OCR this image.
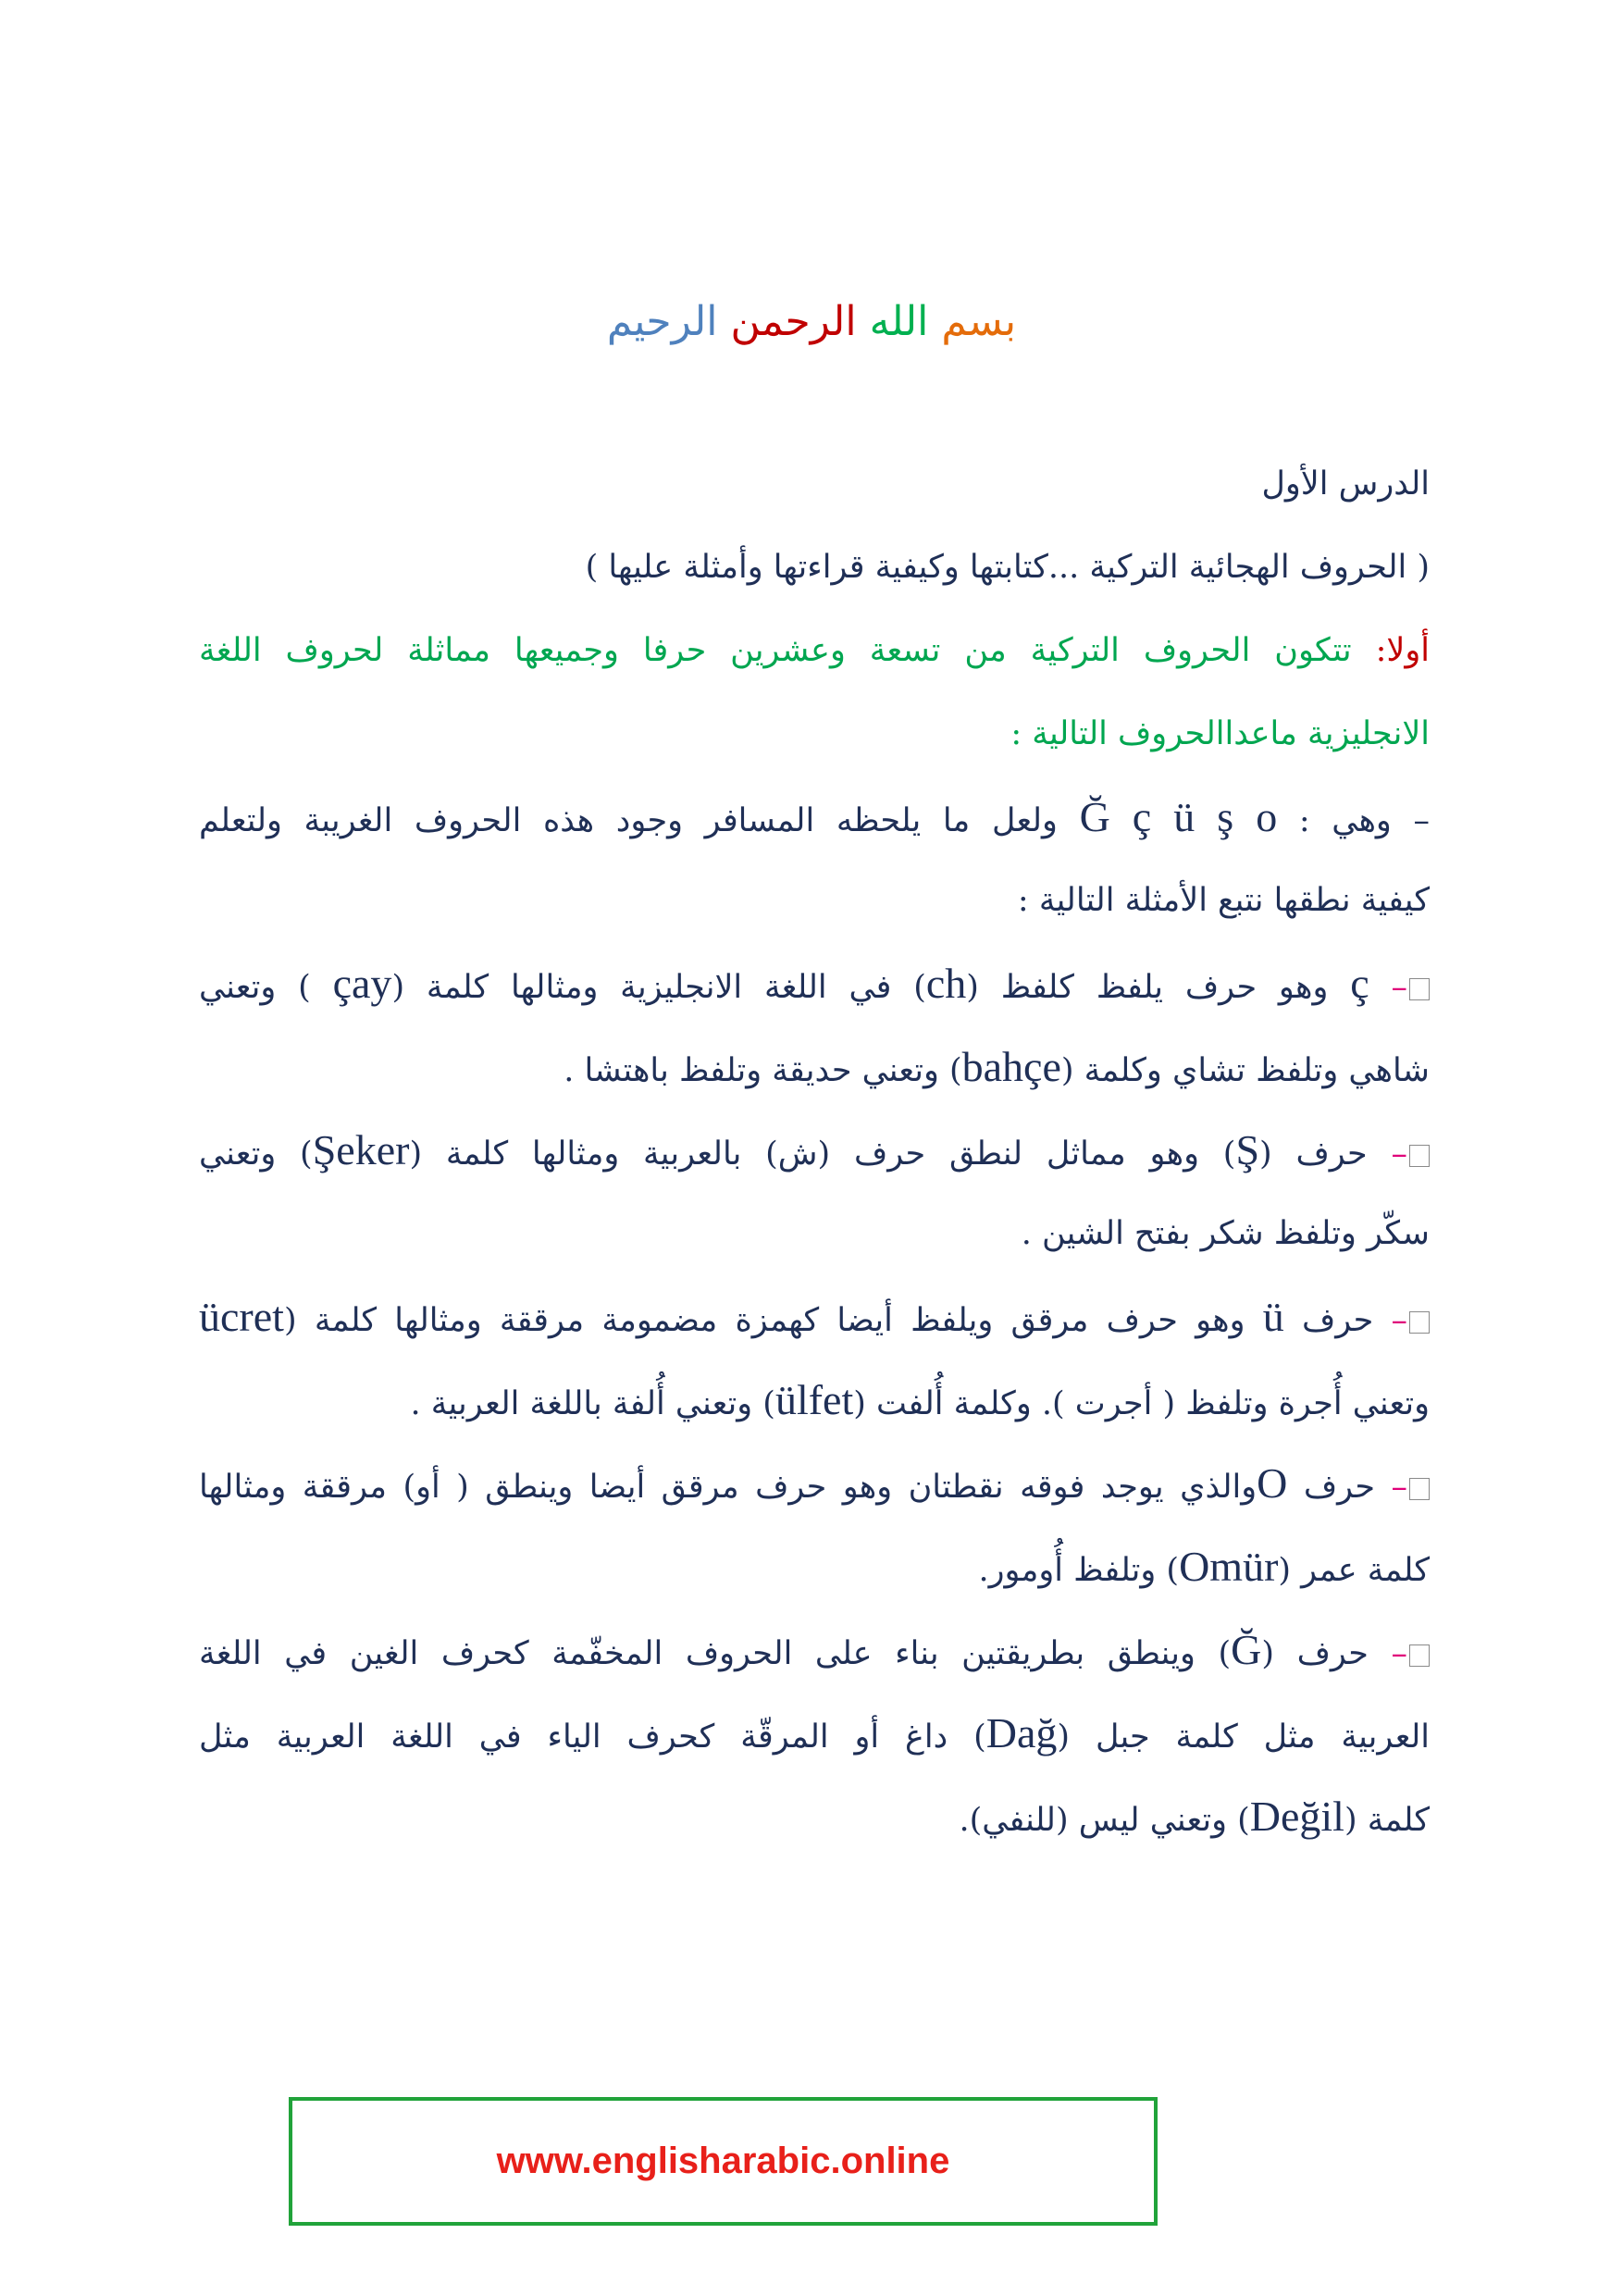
بسم الله الرحمن الرحيم
الدرس الأول
( الحروف الهجائية التركية ...كتابتها وكيفية قراءتها وأمثلة عليها )
أولا: تتكون الحروف التركية من تسعة وعشرين حرفا وجميعها مماثلة لحروف اللغة
الانجليزية ماعداالحروف التالية :
– وهي : Ğ ç ü ş o ولعل ما يلحظه المسافر وجود هذه الحروف الغريبة ولتعلم
كيفية نطقها نتبع الأمثلة التالية :
– ç وهو حرف يلفظ كلفظ (ch) في اللغة الانجليزية ومثالها كلمة (çay ) وتعني
شاهي وتلفظ تشاي وكلمة (bahçe) وتعني حديقة وتلفظ باهتشا .
– حرف (Ş) وهو مماثل لنطق حرف (ش) بالعربية ومثالها كلمة (Şeker) وتعني
سكّر وتلفظ شكر بفتح الشين .
– حرف ü وهو حرف مرقق ويلفظ أيضا كهمزة مضمومة مرققة ومثالها كلمة (ücret
وتعني أُجرة وتلفظ ( أجرت ). وكلمة أُلفت (ülfet) وتعني أُلفة باللغة العربية .
– حرف Oوالذي يوجد فوقه نقطتان وهو حرف مرقق أيضا وينطق ( أو) مرققة ومثالها
كلمة عمر (Omür) وتلفظ أُومور.
– حرف (Ğ) وينطق بطريقتين بناء على الحروف المخفّمة كحرف الغين في اللغة
العربية مثل كلمة جبل (Dağ) داغ أو المرقّة كحرف الياء في اللغة العربية مثل
كلمة (Değil) وتعني ليس (للنفي).
www.englisharabic.online
